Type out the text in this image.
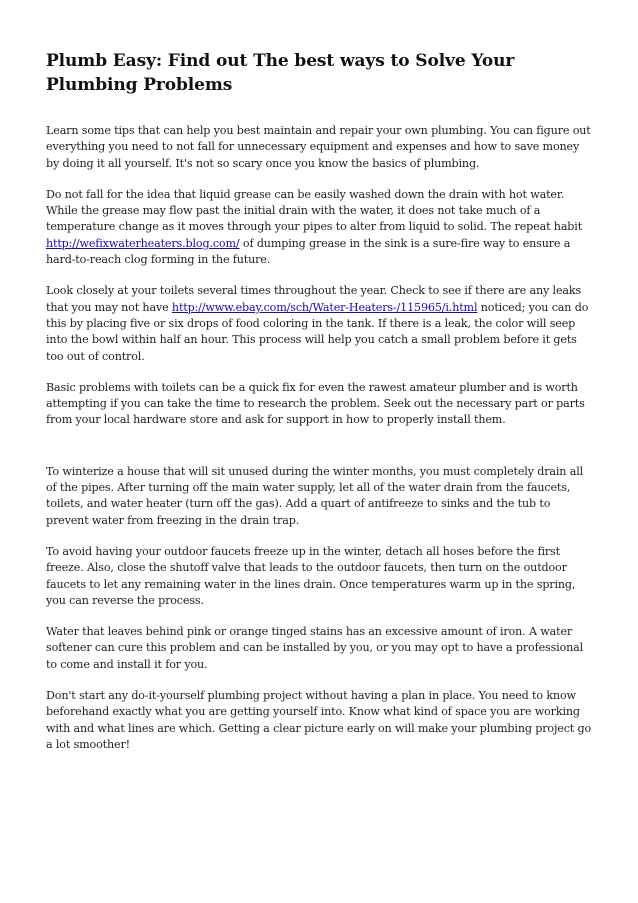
Plumb Easy: Find out The best ways to Solve Your Plumbing Problems

Learn some tips that can help you best maintain and repair your own plumbing. You can figure out everything you need to not fall for unnecessary equipment and expenses and how to save money by doing it all yourself. It's not so scary once you know the basics of plumbing.

Do not fall for the idea that liquid grease can be easily washed down the drain with hot water. While the grease may flow past the initial drain with the water, it does not take much of a temperature change as it moves through your pipes to alter from liquid to solid. The repeat habit http://wefixwaterheaters.blog.com/ of dumping grease in the sink is a sure-fire way to ensure a hard-to-reach clog forming in the future.

Look closely at your toilets several times throughout the year. Check to see if there are any leaks that you may not have http://www.ebay.com/sch/Water-Heaters-/115965/i.html noticed; you can do this by placing five or six drops of food coloring in the tank. If there is a leak, the color will seep into the bowl within half an hour. This process will help you catch a small problem before it gets too out of control.

Basic problems with toilets can be a quick fix for even the rawest amateur plumber and is worth attempting if you can take the time to research the problem. Seek out the necessary part or parts from your local hardware store and ask for support in how to properly install them.

To winterize a house that will sit unused during the winter months, you must completely drain all of the pipes. After turning off the main water supply, let all of the water drain from the faucets, toilets, and water heater (turn off the gas). Add a quart of antifreeze to sinks and the tub to prevent water from freezing in the drain trap.

To avoid having your outdoor faucets freeze up in the winter, detach all hoses before the first freeze. Also, close the shutoff valve that leads to the outdoor faucets, then turn on the outdoor faucets to let any remaining water in the lines drain. Once temperatures warm up in the spring, you can reverse the process.

Water that leaves behind pink or orange tinged stains has an excessive amount of iron. A water softener can cure this problem and can be installed by you, or you may opt to have a professional to come and install it for you.

Don't start any do-it-yourself plumbing project without having a plan in place. You need to know beforehand exactly what you are getting yourself into. Know what kind of space you are working with and what lines are which. Getting a clear picture early on will make your plumbing project go a lot smoother!
